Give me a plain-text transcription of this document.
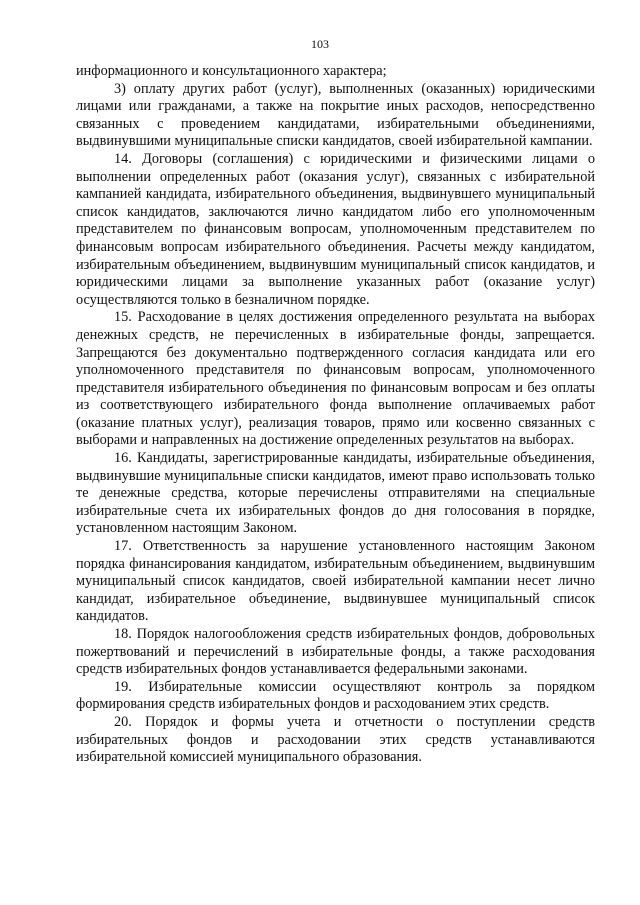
103

информационного и консультационного характера;

3) оплату других работ (услуг), выполненных (оказанных) юридическими лицами или гражданами, а также на покрытие иных расходов, непосредственно связанных с проведением кандидатами, избирательными объединениями, выдвинувшими муниципальные списки кандидатов, своей избирательной кампании.

14. Договоры (соглашения) с юридическими и физическими лицами о выполнении определенных работ (оказания услуг), связанных с избирательной кампанией кандидата, избирательного объединения, выдвинувшего муниципальный список кандидатов, заключаются лично кандидатом либо его уполномоченным представителем по финансовым вопросам, уполномоченным представителем по финансовым вопросам избирательного объединения. Расчеты между кандидатом, избирательным объединением, выдвинувшим муниципальный список кандидатов, и юридическими лицами за выполнение указанных работ (оказание услуг) осуществляются только в безналичном порядке.

15. Расходование в целях достижения определенного результата на выборах денежных средств, не перечисленных в избирательные фонды, запрещается. Запрещаются без документально подтвержденного согласия кандидата или его уполномоченного представителя по финансовым вопросам, уполномоченного представителя избирательного объединения по финансовым вопросам и без оплаты из соответствующего избирательного фонда выполнение оплачиваемых работ (оказание платных услуг), реализация товаров, прямо или косвенно связанных с выборами и направленных на достижение определенных результатов на выборах.

16. Кандидаты, зарегистрированные кандидаты, избирательные объединения, выдвинувшие муниципальные списки кандидатов, имеют право использовать только те денежные средства, которые перечислены отправителями на специальные избирательные счета их избирательных фондов до дня голосования в порядке, установленном настоящим Законом.

17. Ответственность за нарушение установленного настоящим Законом порядка финансирования кандидатом, избирательным объединением, выдвинувшим муниципальный список кандидатов, своей избирательной кампании несет лично кандидат, избирательное объединение, выдвинувшее муниципальный список кандидатов.

18. Порядок налогообложения средств избирательных фондов, добровольных пожертвований и перечислений в избирательные фонды, а также расходования средств избирательных фондов устанавливается федеральными законами.

19. Избирательные комиссии осуществляют контроль за порядком формирования средств избирательных фондов и расходованием этих средств.

20. Порядок и формы учета и отчетности о поступлении средств избирательных фондов и расходовании этих средств устанавливаются избирательной комиссией муниципального образования.
